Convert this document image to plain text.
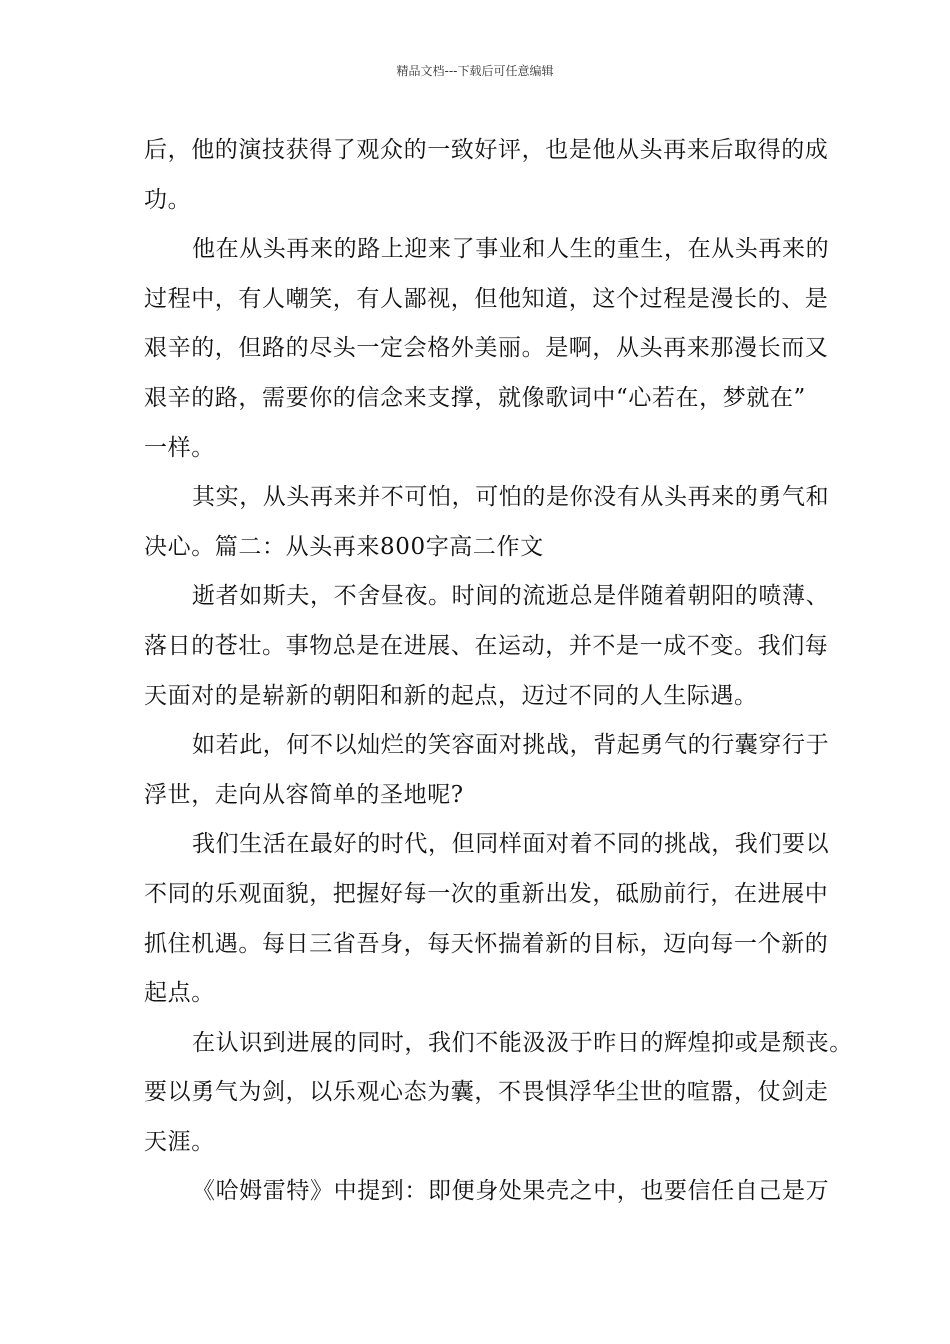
精品文档---下载后可任意编辑
后，他的演技获得了观众的一致好评，也是他从头再来后取得的成
功。
他在从头再来的路上迎来了事业和人生的重生，在从头再来的
过程中，有人嘲笑，有人鄙视，但他知道，这个过程是漫长的、是
艰辛的，但路的尽头一定会格外美丽。是啊，从头再来那漫长而又
艰辛的路，需要你的信念来支撑，就像歌词中“心若在，梦就在”
一样。
其实，从头再来并不可怕，可怕的是你没有从头再来的勇气和
决心。篇二：从头再来800字高二作文
逝者如斯夫，不舍昼夜。时间的流逝总是伴随着朝阳的喷薄、
落日的苍壮。事物总是在进展、在运动，并不是一成不变。我们每
天面对的是崭新的朝阳和新的起点，迈过不同的人生际遇。
如若此，何不以灿烂的笑容面对挑战，背起勇气的行囊穿行于
浮世，走向从容简单的圣地呢?
我们生活在最好的时代，但同样面对着不同的挑战，我们要以
不同的乐观面貌，把握好每一次的重新出发，砥励前行，在进展中
抓住机遇。每日三省吾身，每天怀揣着新的目标，迈向每一个新的
起点。
在认识到进展的同时，我们不能汲汲于昨日的辉煌抑或是颓丧。
要以勇气为剑，以乐观心态为囊，不畏惧浮华尘世的喧嚣，仗剑走
天涯。
《哈姆雷特》中提到：即便身处果壳之中，也要信任自己是万
